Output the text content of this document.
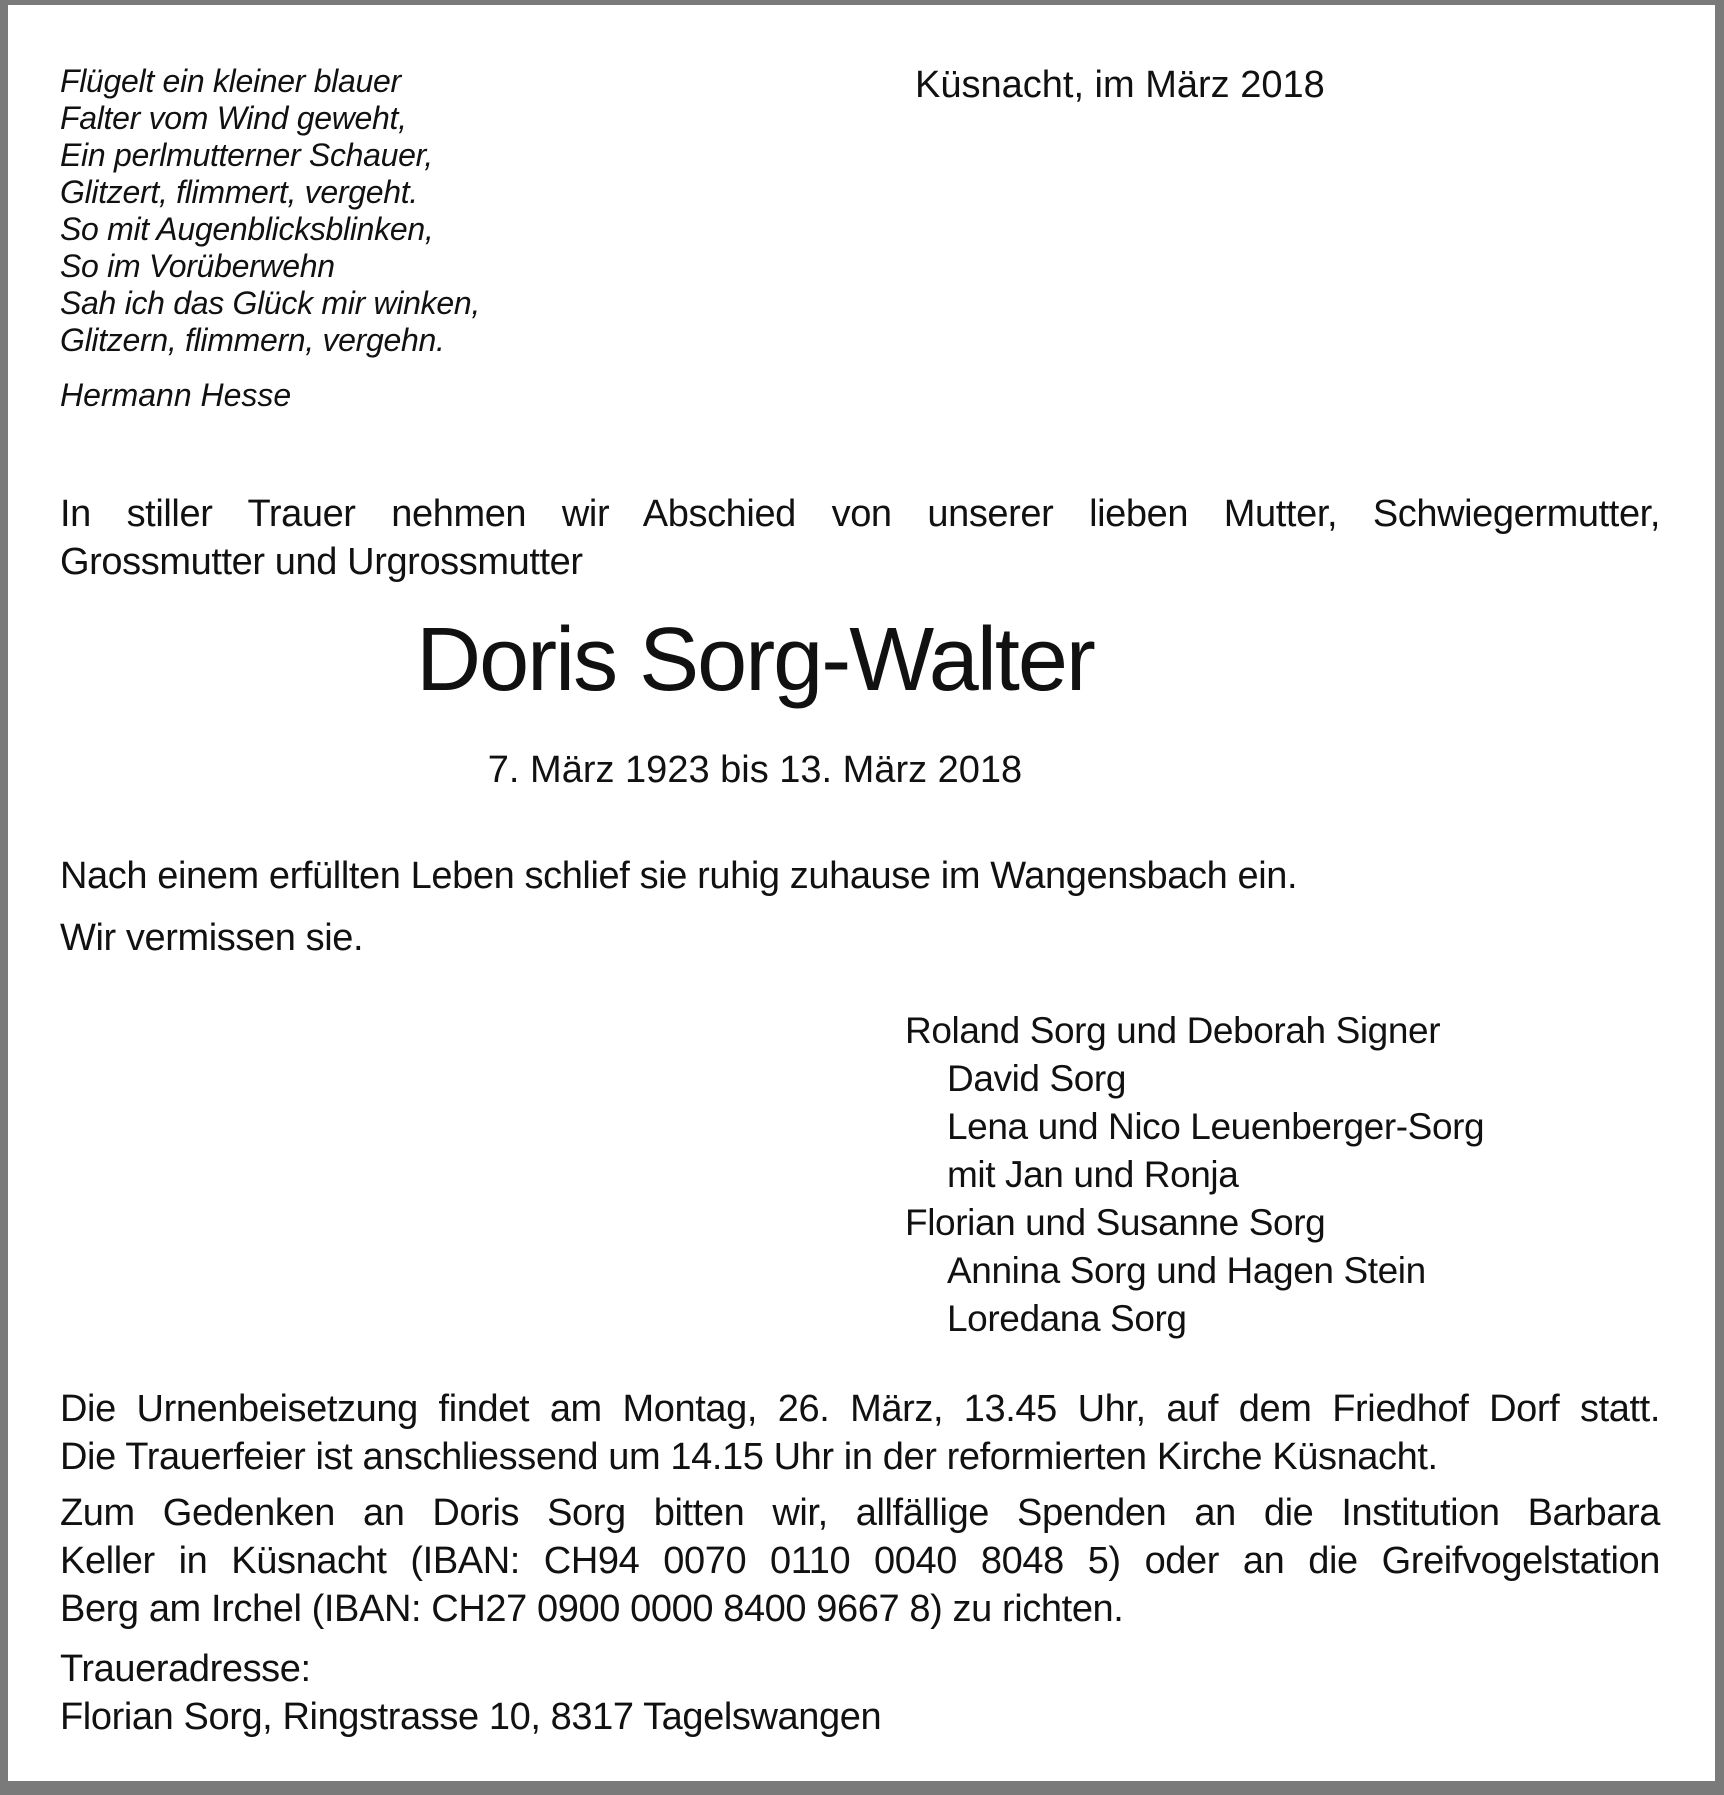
Flügelt ein kleiner blauer
Falter vom Wind geweht,
Ein perlmutterner Schauer,
Glitzert, flimmert, vergeht.
So mit Augenblicksblinken,
So im Vorüberwehn
Sah ich das Glück mir winken,
Glitzern, flimmern, vergehn.
Hermann Hesse
Küsnacht, im März 2018
In stiller Trauer nehmen wir Abschied von unserer lieben Mutter, Schwiegermutter,
Grossmutter und Urgrossmutter
Doris Sorg-Walter
7. März 1923 bis 13. März 2018
Nach einem erfüllten Leben schlief sie ruhig zuhause im Wangensbach ein.
Wir vermissen sie.
Roland Sorg und Deborah Signer
David Sorg
Lena und Nico Leuenberger-Sorg
mit Jan und Ronja
Florian und Susanne Sorg
Annina Sorg und Hagen Stein
Loredana Sorg
Die Urnenbeisetzung findet am Montag, 26. März, 13.45 Uhr, auf dem Friedhof Dorf statt.
Die Trauerfeier ist anschliessend um 14.15 Uhr in der reformierten Kirche Küsnacht.
Zum Gedenken an Doris Sorg bitten wir, allfällige Spenden an die Institution Barbara
Keller in Küsnacht (IBAN: CH94 0070 0110 0040 8048 5) oder an die Greifvogelstation
Berg am Irchel (IBAN: CH27 0900 0000 8400 9667 8) zu richten.
Traueradresse:
Florian Sorg, Ringstrasse 10, 8317 Tagelswangen
